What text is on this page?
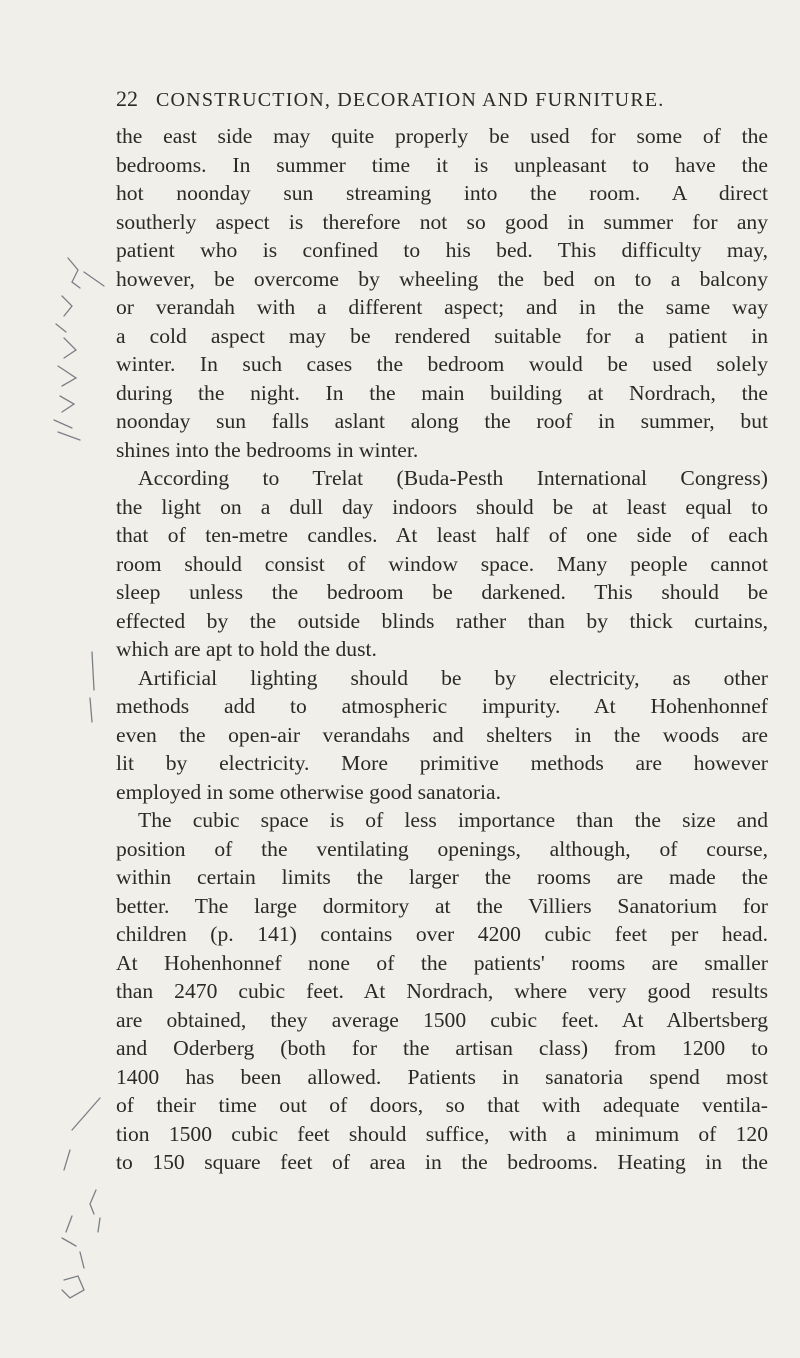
22 CONSTRUCTION, DECORATION AND FURNITURE.
the east side may quite properly be used for some of the
bedrooms. In summer time it is unpleasant to have the
hot noonday sun streaming into the room. A direct
southerly aspect is therefore not so good in summer for any
patient who is confined to his bed. This difficulty may,
however, be overcome by wheeling the bed on to a balcony
or verandah with a different aspect; and in the same way
a cold aspect may be rendered suitable for a patient in
winter. In such cases the bedroom would be used solely
during the night. In the main building at Nordrach, the
noonday sun falls aslant along the roof in summer, but
shines into the bedrooms in winter.
According to Trelat (Buda-Pesth International Congress)
the light on a dull day indoors should be at least equal to
that of ten-metre candles. At least half of one side of each
room should consist of window space. Many people cannot
sleep unless the bedroom be darkened. This should be
effected by the outside blinds rather than by thick curtains,
which are apt to hold the dust.
Artificial lighting should be by electricity, as other
methods add to atmospheric impurity. At Hohenhonnef
even the open-air verandahs and shelters in the woods are
lit by electricity. More primitive methods are however
employed in some otherwise good sanatoria.
The cubic space is of less importance than the size and
position of the ventilating openings, although, of course,
within certain limits the larger the rooms are made the
better. The large dormitory at the Villiers Sanatorium for
children (p. 141) contains over 4200 cubic feet per head.
At Hohenhonnef none of the patients' rooms are smaller
than 2470 cubic feet. At Nordrach, where very good results
are obtained, they average 1500 cubic feet. At Albertsberg
and Oderberg (both for the artisan class) from 1200 to
1400 has been allowed. Patients in sanatoria spend most
of their time out of doors, so that with adequate ventila-
tion 1500 cubic feet should suffice, with a minimum of 120
to 150 square feet of area in the bedrooms. Heating in the
